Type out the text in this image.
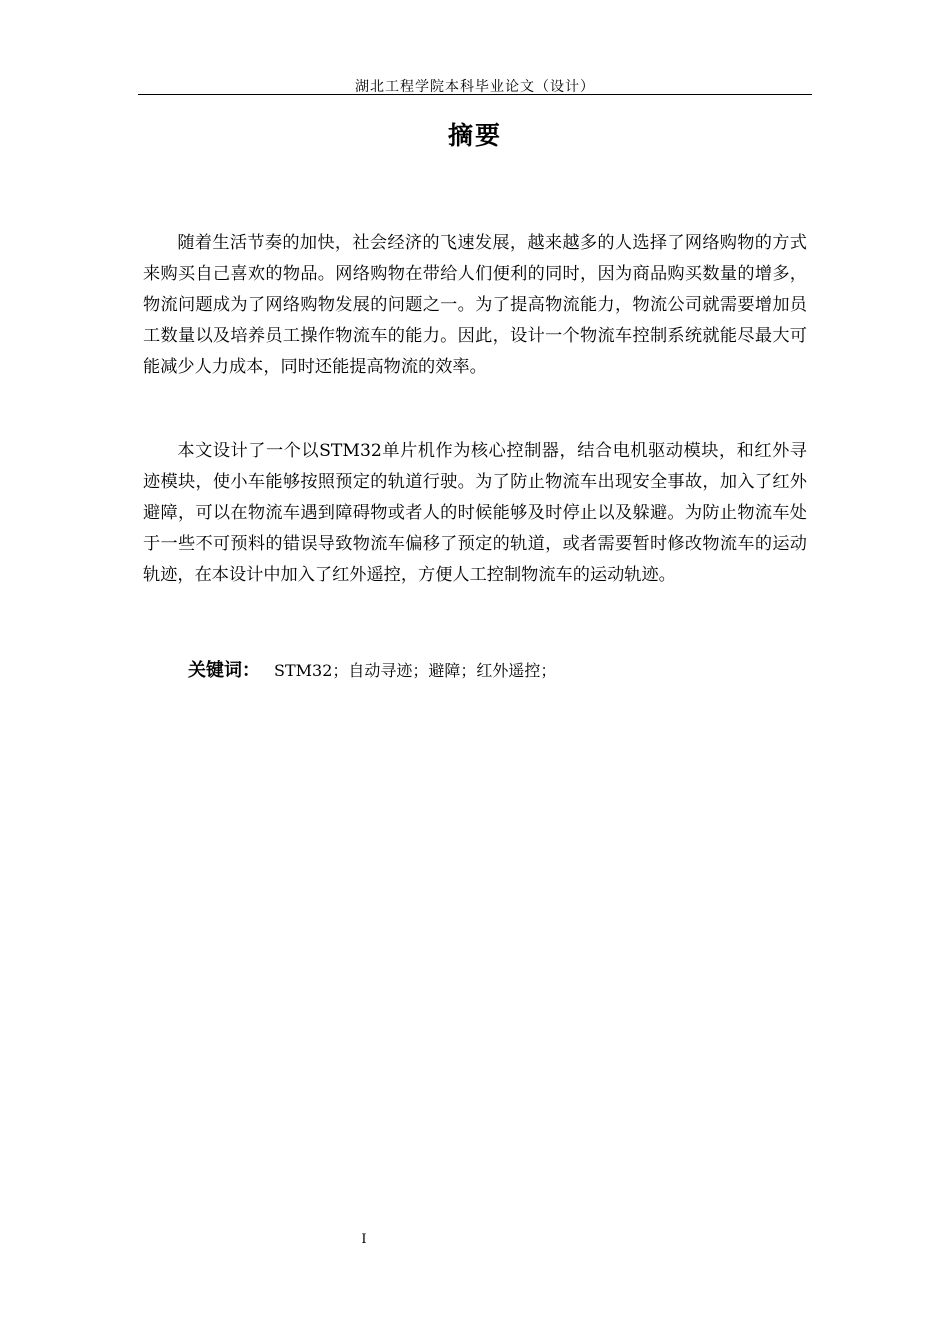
湖北工程学院本科毕业论文（设计）
摘要

随着生活节奏的加快，社会经济的飞速发展，越来越多的人选择了网络购物的方式来购买自己喜欢的物品。网络购物在带给人们便利的同时，因为商品购买数量的增多，物流问题成为了网络购物发展的问题之一。为了提高物流能力，物流公司就需要增加员工数量以及培养员工操作物流车的能力。因此，设计一个物流车控制系统就能尽最大可能减少人力成本，同时还能提高物流的效率。

本文设计了一个以STM32单片机作为核心控制器，结合电机驱动模块，和红外寻迹模块，使小车能够按照预定的轨道行驶。为了防止物流车出现安全事故，加入了红外避障，可以在物流车遇到障碍物或者人的时候能够及时停止以及躲避。为防止物流车处于一些不可预料的错误导致物流车偏移了预定的轨道，或者需要暂时修改物流车的运动轨迹，在本设计中加入了红外遥控，方便人工控制物流车的运动轨迹。

关键词： STM32；自动寻迹；避障；红外遥控；
I
